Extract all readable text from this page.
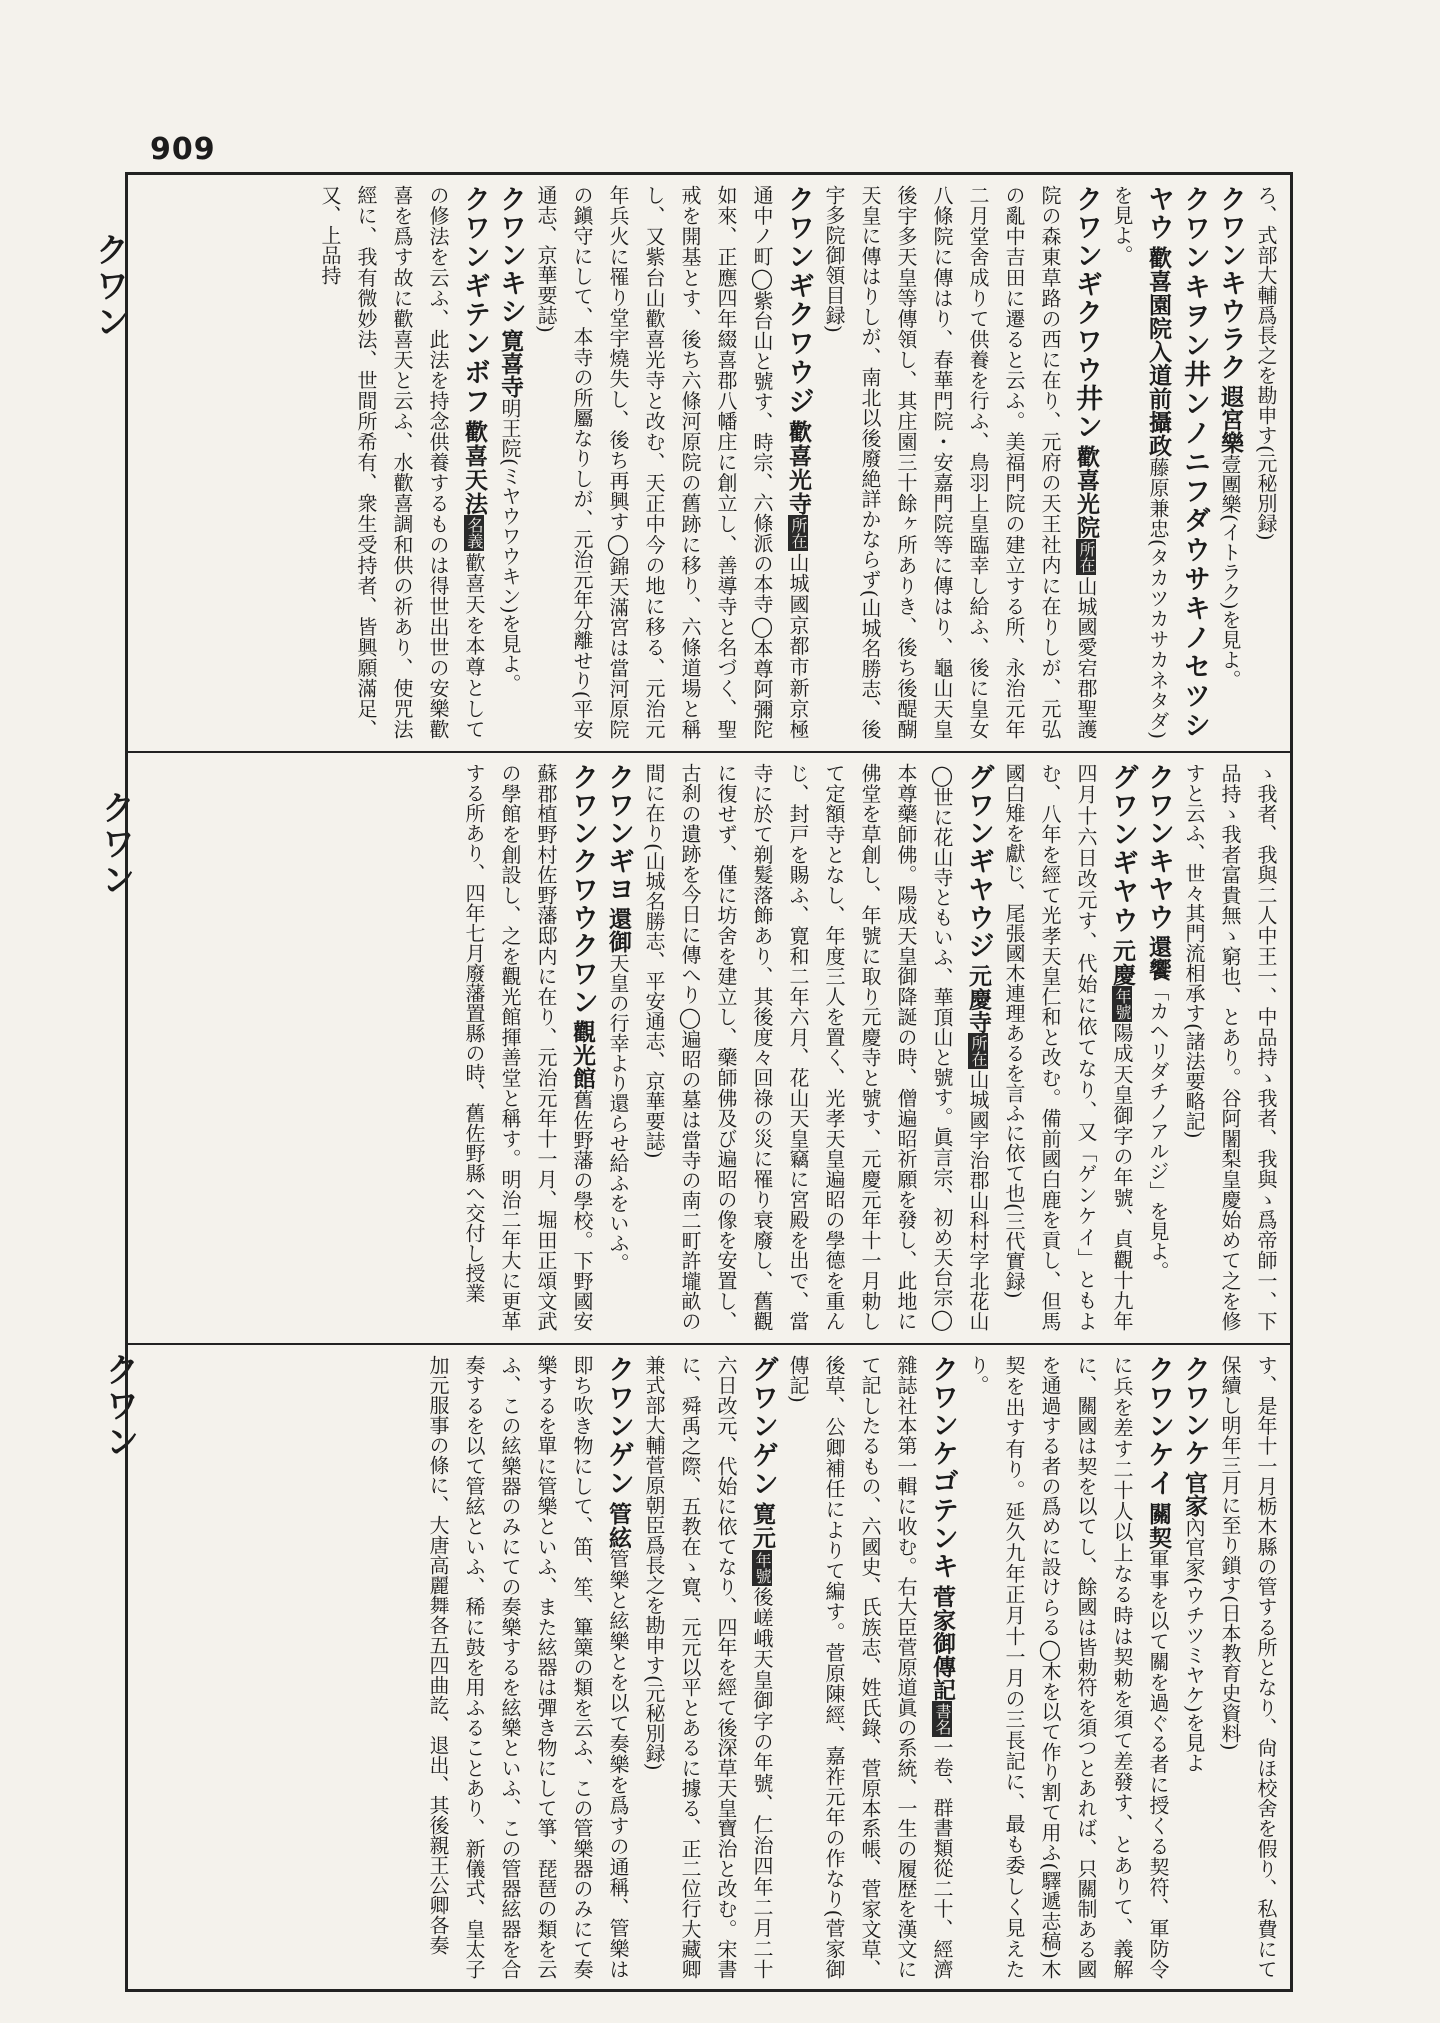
909
クワン
クワン
クワン

ろ、式部大輔爲長之を勘申す(元秘別録)

クワンキウラク遐宮樂壹團樂(イトラク)を見よ。

クワンキヲン井ンノニフダウサキノセツシヤウ歡喜園院入道前攝政藤原兼忠(タカツカサカネタダ)を見よ。

クワンギクワウ井ン歡喜光院所在山城國愛宕郡聖護院の森東草路の西に在り、元府の天王社内に在りしが、元弘の亂中吉田に遷ると云ふ。美福門院の建立する所、永治元年二月堂舍成りて供養を行ふ、鳥羽上皇臨幸し給ふ、後に皇女八條院に傳はり、春華門院・安嘉門院等に傳はり、龜山天皇後宇多天皇等傳領し、其庄園三十餘ヶ所ありき、後ち後醍醐天皇に傳はりしが、南北以後廢絶詳かならず(山城名勝志、後宇多院御領目録)

クワンギクワウジ歡喜光寺所在山城國京都市新京極通中ノ町◯紫台山と號す、時宗、六條派の本寺◯本尊阿彌陀如來、正應四年綴喜郡八幡庄に創立し、善導寺と名づく、聖戒を開基とす、後ち六條河原院の舊跡に移り、六條道場と稱し、又紫台山歡喜光寺と改む、天正中今の地に移る、元治元年兵火に罹り堂宇燒失し、後ち再興す◯錦天滿宮は當河原院の鎭守にして、本寺の所屬なりしが、元治元年分離せり(平安通志、京華要誌)

クワンキシ寛喜寺明王院(ミヤウワウキン)を見よ。

クワンギテンボフ歡喜天法名義歡喜天を本尊としての修法を云ふ、此法を持念供養するものは得世出世の安樂歡喜を爲す故に歡喜天と云ふ、水歡喜調和供の祈あり、使咒法經に、我有微妙法、世間所希有、衆生受持者、皆興願滿足、又、上品持

ゝ我者、我與二人中王一、中品持ゝ我者、我與ゝ爲帝師一、下品持ゝ我者富貴無ゝ窮也、とあり。谷阿闍梨皇慶始めて之を修すと云ふ、世々其門流相承す(諸法要略記)

クワンキヤウ還饗「カヘリダチノアルジ」を見よ。

グワンギヤウ元慶年號陽成天皇御字の年號、貞觀十九年四月十六日改元す、代始に依てなり、又「ゲンケイ」ともよむ、八年を經て光孝天皇仁和と改む。備前國白鹿を貢し、但馬國白雉を獻じ、尾張國木連理あるを言ふに依て也(三代實録)

グワンギヤウジ元慶寺所在山城國宇治郡山科村字北花山◯世に花山寺ともいふ、華頂山と號す。眞言宗、初め天台宗◯本尊藥師佛。陽成天皇御降誕の時、僧遍昭祈願を發し、此地に佛堂を草創し、年號に取り元慶寺と號す、元慶元年十一月勅して定額寺となし、年度三人を置く、光孝天皇遍昭の學德を重んじ、封戸を賜ふ、寛和二年六月、花山天皇竊に宮殿を出で、當寺に於て剃髮落飾あり、其後度々回祿の災に罹り衰廢し、舊觀に復せず、僅に坊舍を建立し、藥師佛及び遍昭の像を安置し、古刹の遺跡を今日に傳へり◯遍昭の墓は當寺の南二町許壠畝の間に在り(山城名勝志、平安通志、京華要誌)

クワンギヨ還御天皇の行幸より還らせ給ふをいふ。

クワンクワウクワン觀光館舊佐野藩の學校。下野國安蘇郡植野村佐野藩邸内に在り、元治元年十一月、堀田正頌文武の學館を創設し、之を觀光館揮善堂と稱す。明治二年大に更革する所あり、四年七月廢藩置縣の時、舊佐野縣へ交付し授業

す、是年十一月栃木縣の管する所となり、尙ほ校舍を假り、私費にて保續し明年三月に至り鎖す(日本教育史資料)

クワンケ官家內官家(ウチツミヤケ)を見よ

クワンケイ關契軍事を以て關を過ぐる者に授くる契符、軍防令に兵を差す二十人以上なる時は契勅を須て差發す、とありて、義解に、關國は契を以てし、餘國は皆勅符を須つとあれば、只關制ある國を通過する者の爲めに設けらる◯木を以て作り割て用ふ(驛遞志稿)木契を出す有り。延久九年正月十一月の三長記に、最も委しく見えたり。

クワンケゴテンキ菅家御傳記書名一卷、群書類從二十、經濟雜誌社本第一輯に收む。右大臣菅原道眞の系統、一生の履歴を漢文にて記したるもの、六國史、氏族志、姓氏錄、菅原本系帳、菅家文草、後草、公卿補任によりて編す。菅原陳經、嘉祚元年の作なり(菅家御傳記)

グワンゲン寛元年號後嵯峨天皇御字の年號、仁治四年二月二十六日改元、代始に依てなり、四年を經て後深草天皇寶治と改む。宋書に、舜禹之際、五教在ゝ寛、元元以平とあるに據る、正二位行大藏卿兼式部大輔菅原朝臣爲長之を勘申す(元秘別録)

クワンゲン管絃管樂と絃樂とを以て奏樂を爲すの通稱、管樂は即ち吹き物にして、笛、笙、篳篥の類を云ふ、この管樂器のみにて奏樂するを單に管樂といふ、また絃器は彈き物にして箏、琵琶の類を云ふ、この絃樂器のみにての奏樂するを絃樂といふ、この管器絃器を合奏するを以て管絃といふ、稀に鼓を用ふることあり、新儀式、皇太子加元服事の條に、大唐高麗舞各五四曲訖、退出、其後親王公卿各奏
